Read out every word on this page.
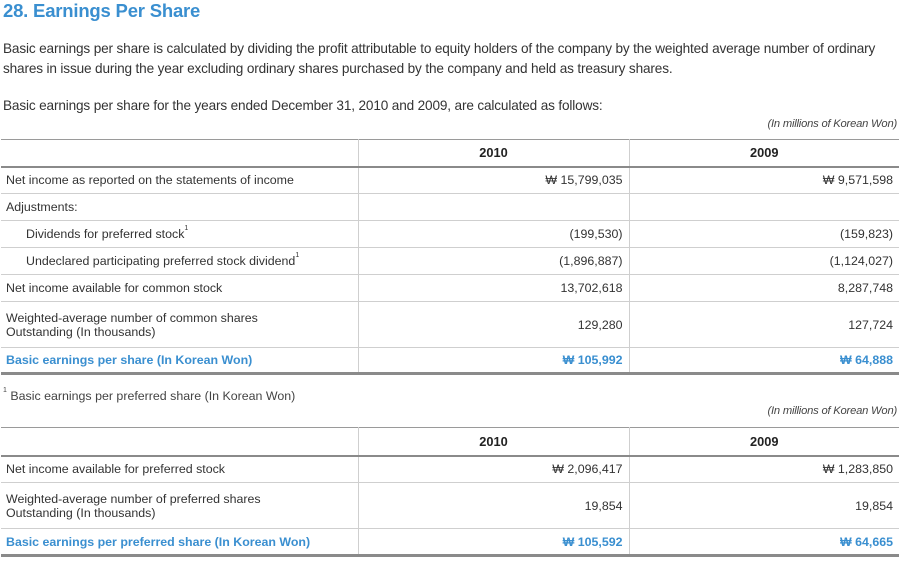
28. Earnings Per Share
Basic earnings per share is calculated by dividing the profit attributable to equity holders of the company by the weighted average number of ordinary shares in issue during the year excluding ordinary shares purchased by the company and held as treasury shares.
Basic earnings per share for the years ended December 31, 2010 and 2009, are calculated as follows:
(In millions of Korean Won)
	2010	2009
Net income as reported on the statements of income	₩ 15,799,035	₩ 9,571,598
Adjustments:		
Dividends for preferred stock$^1$	(199,530)	(159,823)
Undeclared participating preferred stock dividend$^1$	(1,896,887)	(1,124,027)
Net income available for common stock	13,702,618	8,287,748
Weighted-average number of common shares
Outstanding (In thousands)	129,280	127,724
Basic earnings per share (In Korean Won)	₩ 105,992	₩ 64,888
$^1$ Basic earnings per preferred share (In Korean Won)
(In millions of Korean Won)
	2010	2009
Net income available for preferred stock	₩ 2,096,417	₩ 1,283,850
Weighted-average number of preferred shares
Outstanding (In thousands)	19,854	19,854
Basic earnings per preferred share (In Korean Won)	₩ 105,592	₩ 64,665
